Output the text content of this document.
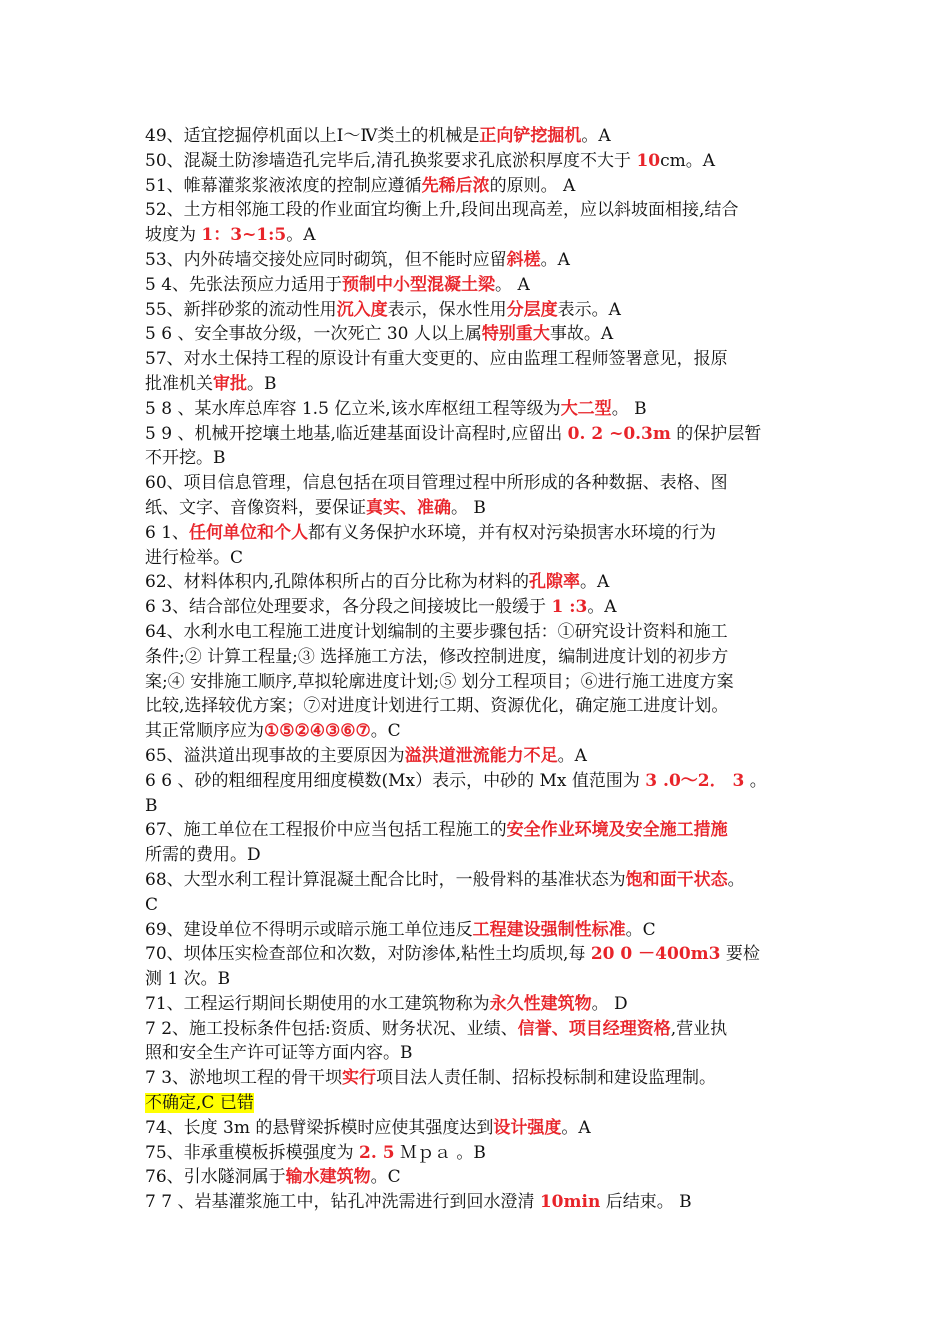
49、适宜挖掘停机面以上Ⅰ～Ⅳ类土的机械是正向铲挖掘机。A
50、混凝土防渗墙造孔完毕后,清孔换浆要求孔底淤积厚度不大于 10cm。A
51、帷幕灌浆浆液浓度的控制应遵循先稀后浓的原则。 A
52、土方相邻施工段的作业面宜均衡上升,段间出现高差，应以斜坡面相接,结合
坡度为 1：3~1:5。A
53、内外砖墙交接处应同时砌筑，但不能时应留斜槎。A
5 4、先张法预应力适用于预制中小型混凝土梁。 A
55、新拌砂浆的流动性用沉入度表示，保水性用分层度表示。A
5 6 、安全事故分级，一次死亡 30 人以上属特别重大事故。A
57、对水土保持工程的原设计有重大变更的、应由监理工程师签署意见，报原
批准机关审批。B
5 8 、某水库总库容 1.5 亿立米,该水库枢纽工程等级为大二型。 B
5 9 、机械开挖壤土地基,临近建基面设计高程时,应留出 0. 2 ~0.3m 的保护层暂
不开挖。B
60、项目信息管理，信息包括在项目管理过程中所形成的各种数据、表格、图
纸、文字、音像资料，要保证真实、准确。 B
6 1、任何单位和个人都有义务保护水环境，并有权对污染损害水环境的行为
进行检举。C
62、材料体积内,孔隙体积所占的百分比称为材料的孔隙率。A
6 3、结合部位处理要求，各分段之间接坡比一般缓于 1 :3。A
64、水利水电工程施工进度计划编制的主要步骤包括：①研究设计资料和施工
条件;② 计算工程量;③ 选择施工方法，修改控制进度，编制进度计划的初步方
案;④ 安排施工顺序,草拟轮廓进度计划;⑤ 划分工程项目；⑥进行施工进度方案
比较,选择较优方案；⑦对进度计划进行工期、资源优化，确定施工进度计划。
其正常顺序应为①⑤②④③⑥⑦。C
65、溢洪道出现事故的主要原因为溢洪道泄流能力不足。A
6 6 、砂的粗细程度用细度模数(Mx）表示，中砂的 Mx 值范围为 3 .0～2． 3 。
B
67、施工单位在工程报价中应当包括工程施工的安全作业环境及安全施工措施
所需的费用。D
68、大型水利工程计算混凝土配合比时，一般骨料的基准状态为饱和面干状态。
C
69、建设单位不得明示或暗示施工单位违反工程建设强制性标准。C
70、坝体压实检查部位和次数，对防渗体,粘性土均质坝,每 20 0 －400m3 要检
测 1 次。B
71、工程运行期间长期使用的水工建筑物称为永久性建筑物。 D
7 2、施工投标条件包括:资质、财务状况、业绩、信誉、项目经理资格,营业执
照和安全生产许可证等方面内容。B
7 3、淤地坝工程的骨干坝实行项目法人责任制、招标投标制和建设监理制。
不确定,C 已错
74、长度 3m 的悬臂梁拆模时应使其强度达到设计强度。A
75、非承重模板拆模强度为 2. 5 Ｍｐａ 。B
76、引水隧洞属于输水建筑物。C
7 7 、岩基灌浆施工中，钻孔冲洗需进行到回水澄清 10min 后结束。 B
